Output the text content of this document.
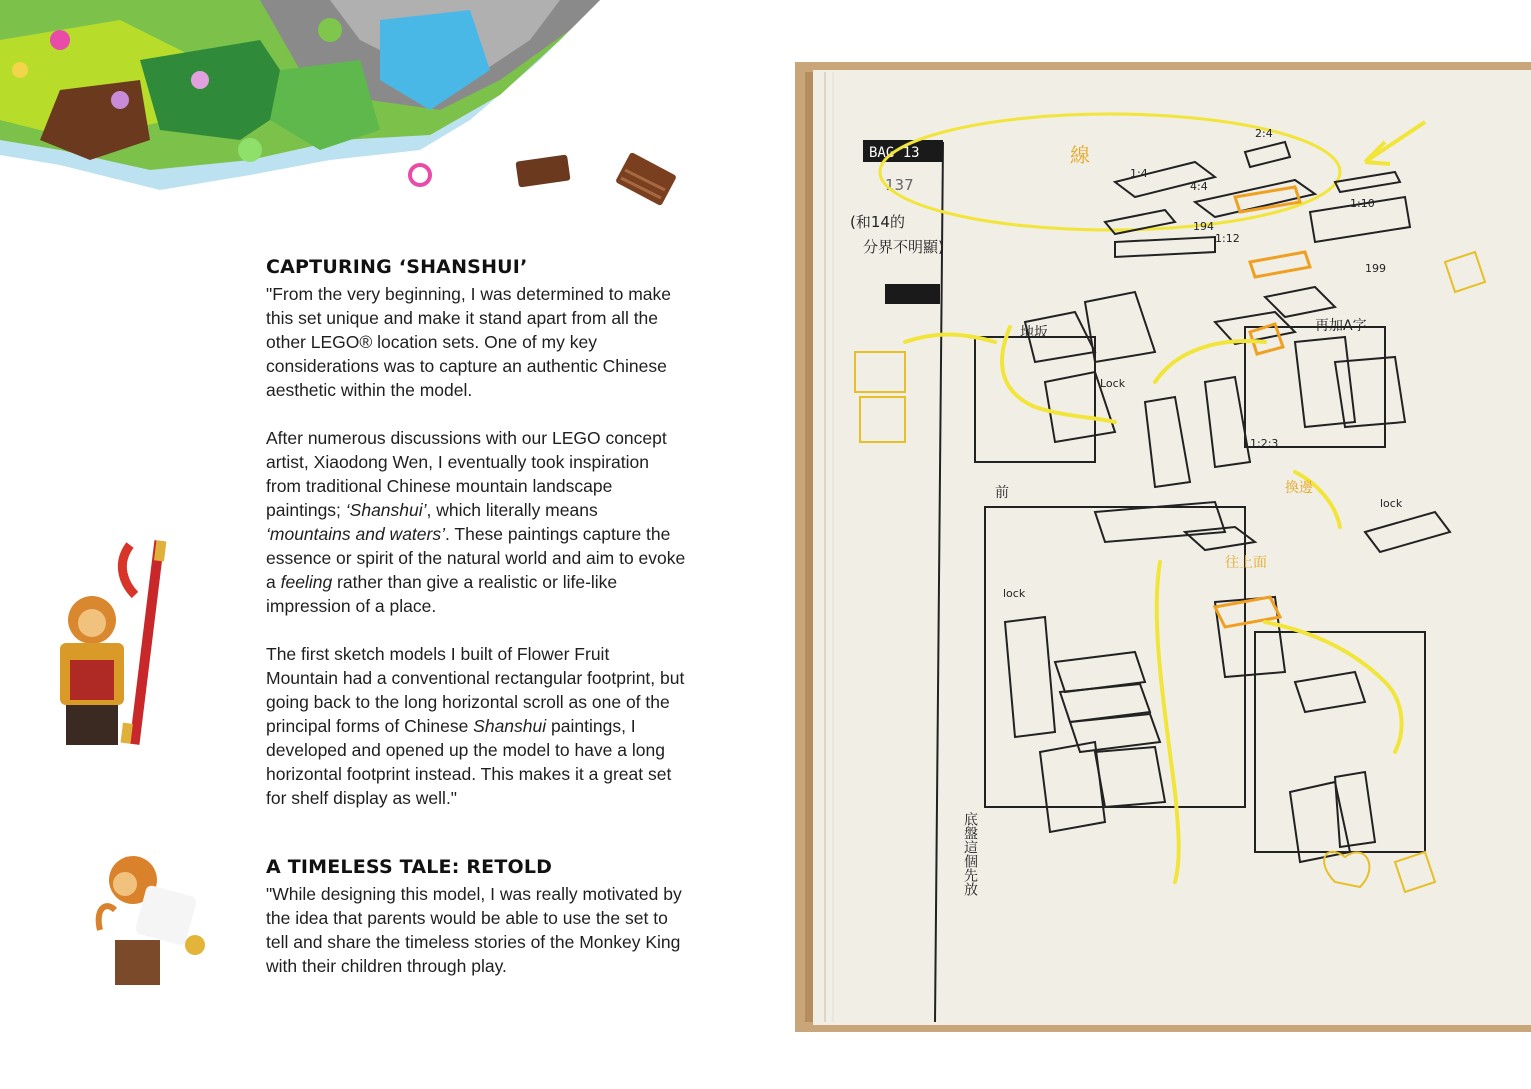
BAG 13
137
(和14的
分界不明顯)
線
1:4
4:4
2:4
1:10
1:12
194
199
Lock
lock
lock
1:2:3
前
再加A字
換邊
地坂
往上面
底盤這個先放
CAPTURING ‘SHANSHUI’

"From the very beginning, I was determined to make this set unique and make it stand apart from all the other LEGO® location sets. One of my key considerations was to capture an authentic Chinese aesthetic within the model.

After numerous discussions with our LEGO concept artist, Xiaodong Wen, I eventually took inspiration from traditional Chinese mountain landscape paintings; ‘Shanshui’, which literally means ‘mountains and waters’. These paintings capture the essence or spirit of the natural world and aim to evoke a feeling rather than give a realistic or life-like impression of a place.

The first sketch models I built of Flower Fruit Mountain had a conventional rectangular footprint, but going back to the long horizontal scroll as one of the principal forms of Chinese Shanshui paintings, I developed and opened up the model to have a long horizontal footprint instead. This makes it a great set for shelf display as well."

A TIMELESS TALE: RETOLD

"While designing this model, I was really motivated by the idea that parents would be able to use the set to tell and share the timeless stories of the Monkey King with their children through play.
